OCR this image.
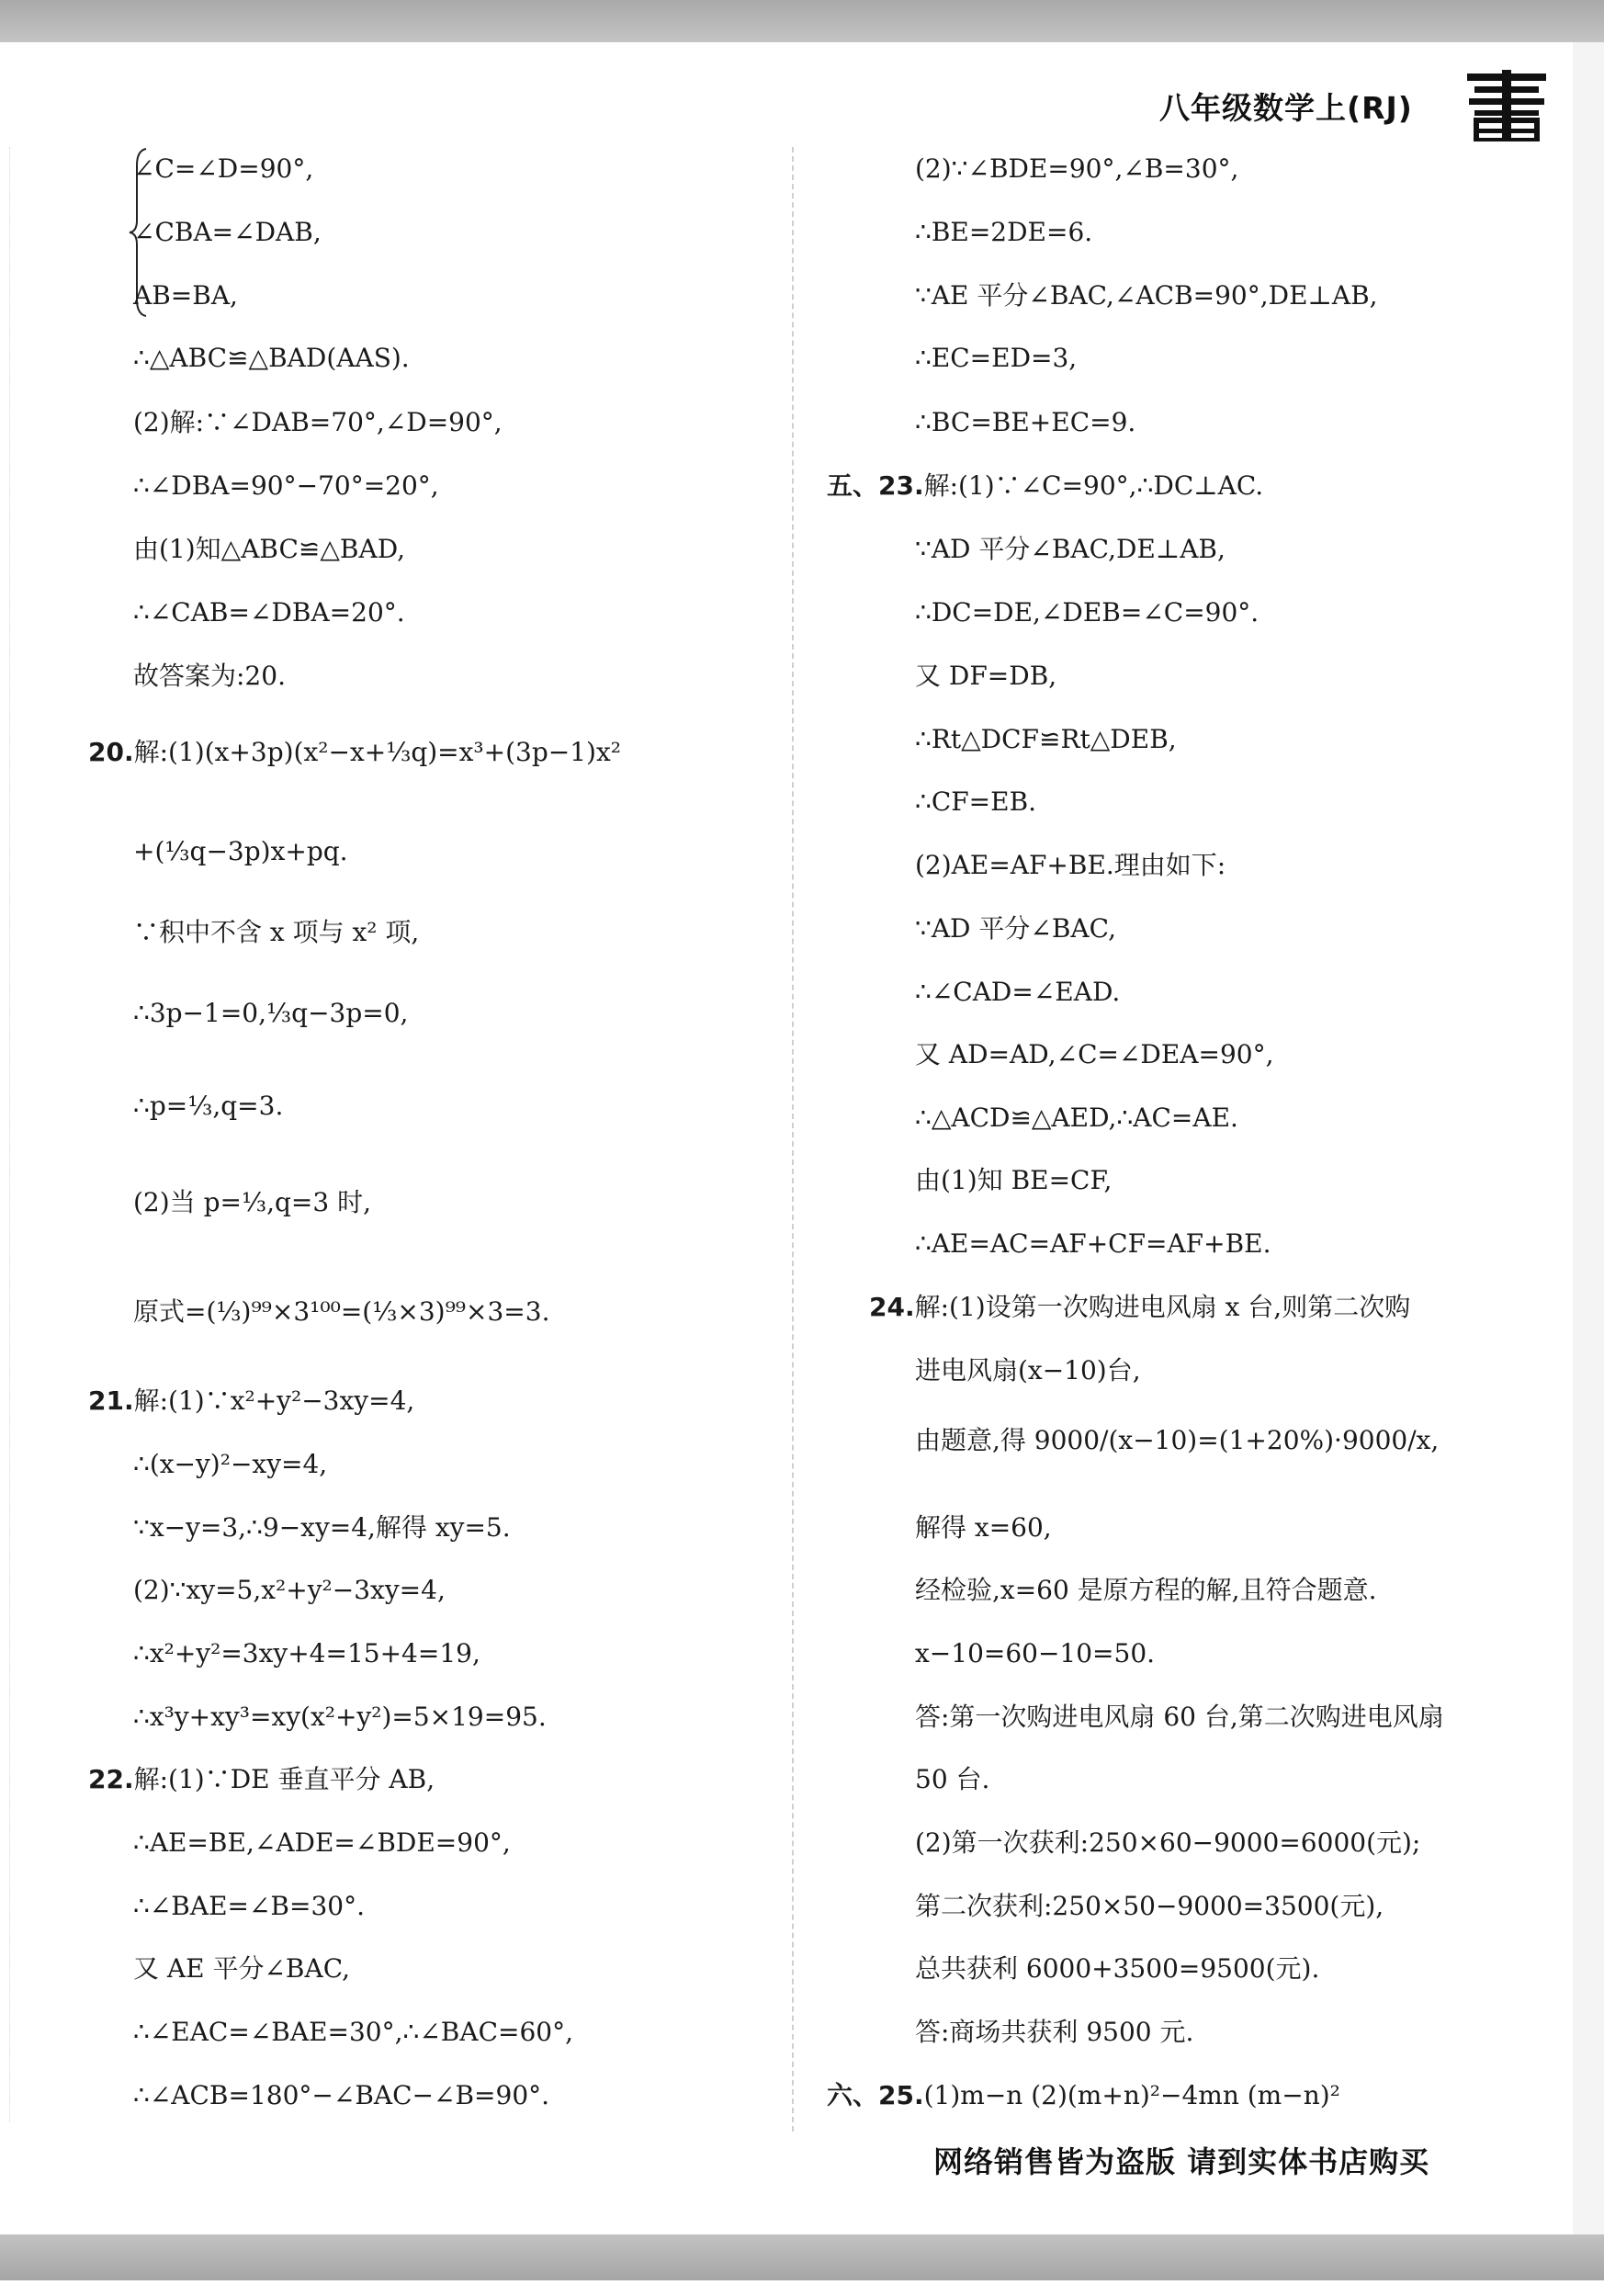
八年级数学上(RJ)
∠C=∠D=90°,
∠CBA=∠DAB,
AB=BA,
∴△ABC≌△BAD(AAS).
(2)解:∵∠DAB=70°,∠D=90°,
∴∠DBA=90°−70°=20°,
由(1)知△ABC≌△BAD,
∴∠CAB=∠DBA=20°.
故答案为:20.
20.解:(1)(x+3p)(x²−x+⅓q)=x³+(3p−1)x²
+(⅓q−3p)x+pq.
∵积中不含 x 项与 x² 项,
∴3p−1=0,⅓q−3p=0,
∴p=⅓,q=3.
(2)当 p=⅓,q=3 时,
原式=(⅓)⁹⁹×3¹⁰⁰=(⅓×3)⁹⁹×3=3.
21.解:(1)∵x²+y²−3xy=4,
∴(x−y)²−xy=4,
∵x−y=3,∴9−xy=4,解得 xy=5.
(2)∵xy=5,x²+y²−3xy=4,
∴x²+y²=3xy+4=15+4=19,
∴x³y+xy³=xy(x²+y²)=5×19=95.
22.解:(1)∵DE 垂直平分 AB,
∴AE=BE,∠ADE=∠BDE=90°,
∴∠BAE=∠B=30°.
又 AE 平分∠BAC,
∴∠EAC=∠BAE=30°,∴∠BAC=60°,
∴∠ACB=180°−∠BAC−∠B=90°.
(2)∵∠BDE=90°,∠B=30°,
∴BE=2DE=6.
∵AE 平分∠BAC,∠ACB=90°,DE⊥AB,
∴EC=ED=3,
∴BC=BE+EC=9.
五、23.解:(1)∵∠C=90°,∴DC⊥AC.
∵AD 平分∠BAC,DE⊥AB,
∴DC=DE,∠DEB=∠C=90°.
又 DF=DB,
∴Rt△DCF≌Rt△DEB,
∴CF=EB.
(2)AE=AF+BE.理由如下:
∵AD 平分∠BAC,
∴∠CAD=∠EAD.
又 AD=AD,∠C=∠DEA=90°,
∴△ACD≌△AED,∴AC=AE.
由(1)知 BE=CF,
∴AE=AC=AF+CF=AF+BE.
24.解:(1)设第一次购进电风扇 x 台,则第二次购
进电风扇(x−10)台,
由题意,得 9000/(x−10)=(1+20%)·9000/x,
解得 x=60,
经检验,x=60 是原方程的解,且符合题意.
x−10=60−10=50.
答:第一次购进电风扇 60 台,第二次购进电风扇
50 台.
(2)第一次获利:250×60−9000=6000(元);
第二次获利:250×50−9000=3500(元),
总共获利 6000+3500=9500(元).
答:商场共获利 9500 元.
六、25.(1)m−n (2)(m+n)²−4mn (m−n)²
网络销售皆为盗版 请到实体书店购买
